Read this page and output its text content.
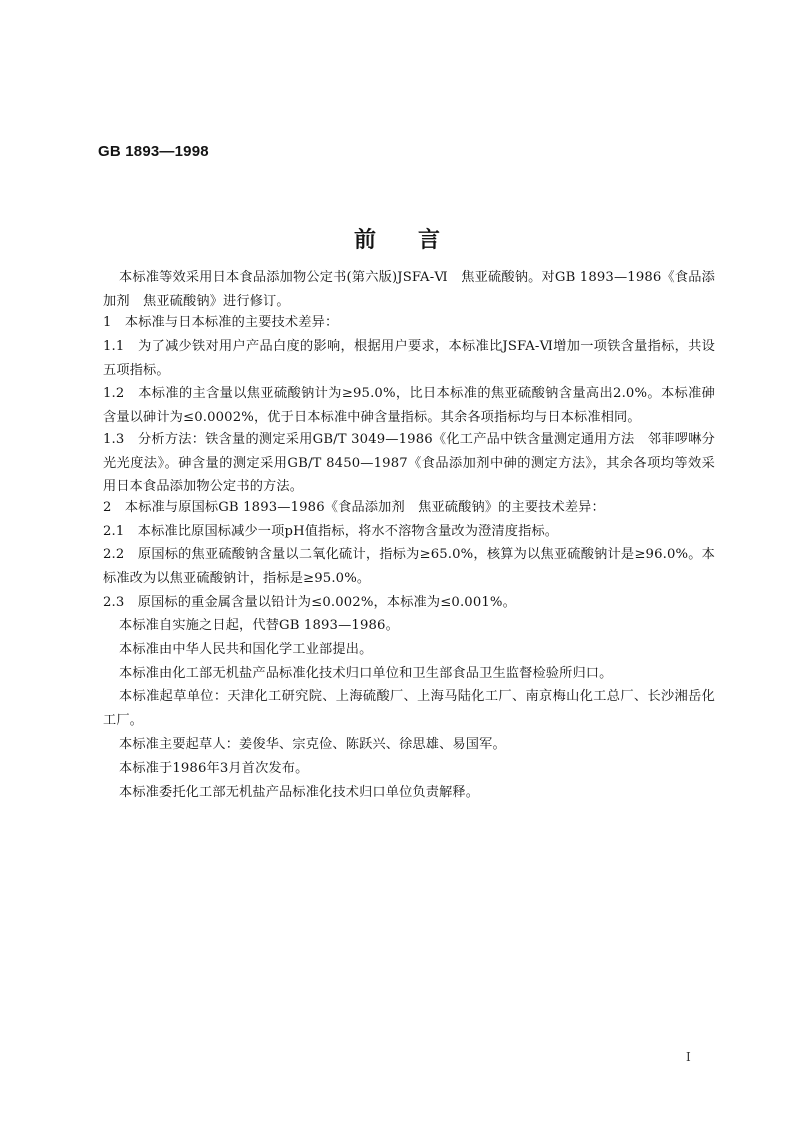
GB 1893—1998
前言
本标准等效采用日本食品添加物公定书(第六版)JSFA-Ⅵ　焦亚硫酸钠。对GB 1893—1986《食品添加剂　焦亚硫酸钠》进行修订。
1　本标准与日本标准的主要技术差异：
1.1　为了减少铁对用户产品白度的影响，根据用户要求，本标准比JSFA-Ⅵ增加一项铁含量指标，共设五项指标。
1.2　本标准的主含量以焦亚硫酸钠计为≥95.0%，比日本标准的焦亚硫酸钠含量高出2.0%。本标准砷含量以砷计为≤0.0002%，优于日本标准中砷含量指标。其余各项指标均与日本标准相同。
1.3　分析方法：铁含量的测定采用GB/T 3049—1986《化工产品中铁含量测定通用方法　邻菲啰啉分光光度法》。砷含量的测定采用GB/T 8450—1987《食品添加剂中砷的测定方法》，其余各项均等效采用日本食品添加物公定书的方法。
2　本标准与原国标GB 1893—1986《食品添加剂　焦亚硫酸钠》的主要技术差异：
2.1　本标准比原国标减少一项pH值指标，将水不溶物含量改为澄清度指标。
2.2　原国标的焦亚硫酸钠含量以二氧化硫计，指标为≥65.0%，核算为以焦亚硫酸钠计是≥96.0%。本标准改为以焦亚硫酸钠计，指标是≥95.0%。
2.3　原国标的重金属含量以铅计为≤0.002%，本标准为≤0.001%。
本标准自实施之日起，代替GB 1893—1986。
本标准由中华人民共和国化学工业部提出。
本标准由化工部无机盐产品标准化技术归口单位和卫生部食品卫生监督检验所归口。
本标准起草单位：天津化工研究院、上海硫酸厂、上海马陆化工厂、南京梅山化工总厂、长沙湘岳化工厂。
本标准主要起草人：姜俊华、宗克俭、陈跃兴、徐思雄、易国军。
本标准于1986年3月首次发布。
本标准委托化工部无机盐产品标准化技术归口单位负责解释。
I
